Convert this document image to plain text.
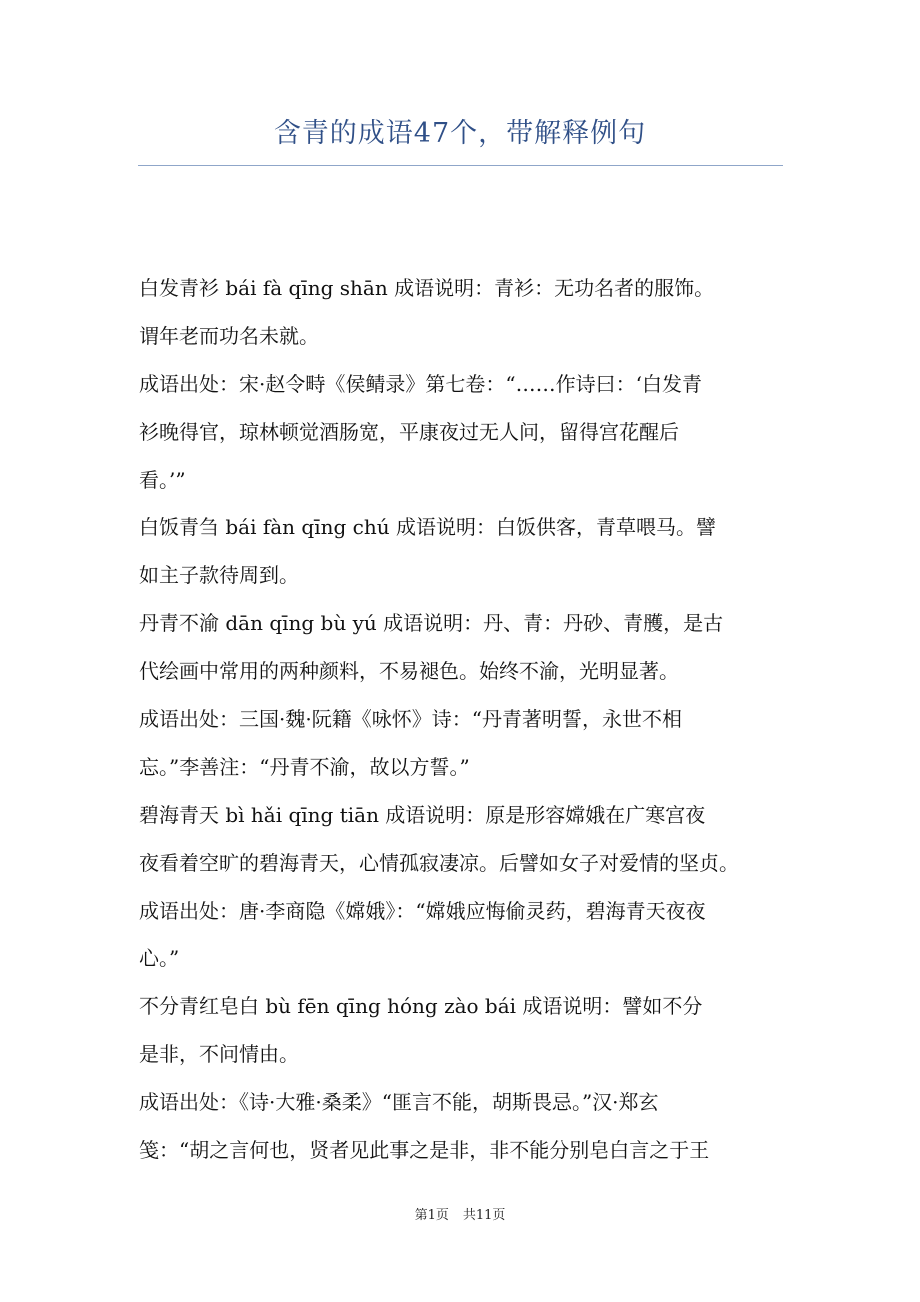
含青的成语47个，带解释例句
白发青衫 bái fà qīng shān 成语说明：青衫：无功名者的服饰。
谓年老而功名未就。
成语出处：宋·赵令畤《侯鲭录》第七卷：“……作诗曰：‘白发青
衫晚得官，琼林顿觉酒肠宽，平康夜过无人问，留得宫花醒后
看。’”
白饭青刍 bái fàn qīng chú 成语说明：白饭供客，青草喂马。譬
如主子款待周到。
丹青不渝 dān qīng bù yú 成语说明：丹、青：丹砂、青雘，是古
代绘画中常用的两种颜料，不易褪色。始终不渝，光明显著。
成语出处：三国·魏·阮籍《咏怀》诗：“丹青著明誓，永世不相
忘。”李善注：“丹青不渝，故以方誓。”
碧海青天 bì hǎi qīng tiān 成语说明：原是形容嫦娥在广寒宫夜
夜看着空旷的碧海青天，心情孤寂凄凉。后譬如女子对爱情的坚贞。
成语出处：唐·李商隐《嫦娥》：“嫦娥应悔偷灵药，碧海青天夜夜
心。”
不分青红皂白 bù fēn qīng hóng zào bái 成语说明：譬如不分
是非，不问情由。
成语出处：《诗·大雅·桑柔》“匪言不能，胡斯畏忌。”汉·郑玄
笺：“胡之言何也，贤者见此事之是非，非不能分别皂白言之于王
第1页 共11页
